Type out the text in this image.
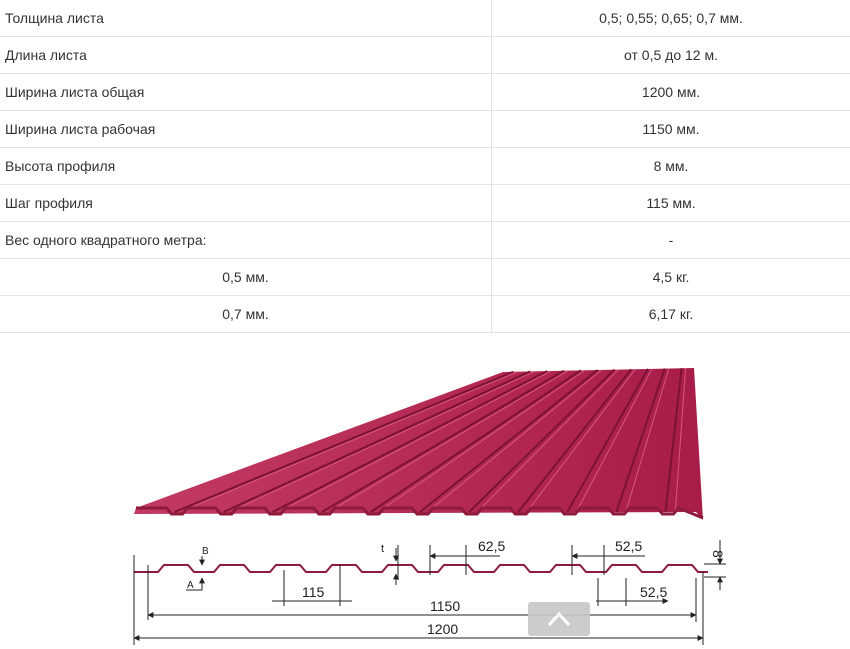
Толщина листа	0,5; 0,55; 0,65; 0,7 мм.
Длина листа	от 0,5 до 12 м.
Ширина листа общая	1200 мм.
Ширина листа рабочая	1150 мм.
Высота профиля	8 мм.
Шаг профиля	115 мм.
Вес одного квадратного метра:	-
0,5 мм.	4,5 кг.
0,7 мм.	6,17 кг.
B
A
t	8
115
62,5	52,5
52,5
1150
1200
